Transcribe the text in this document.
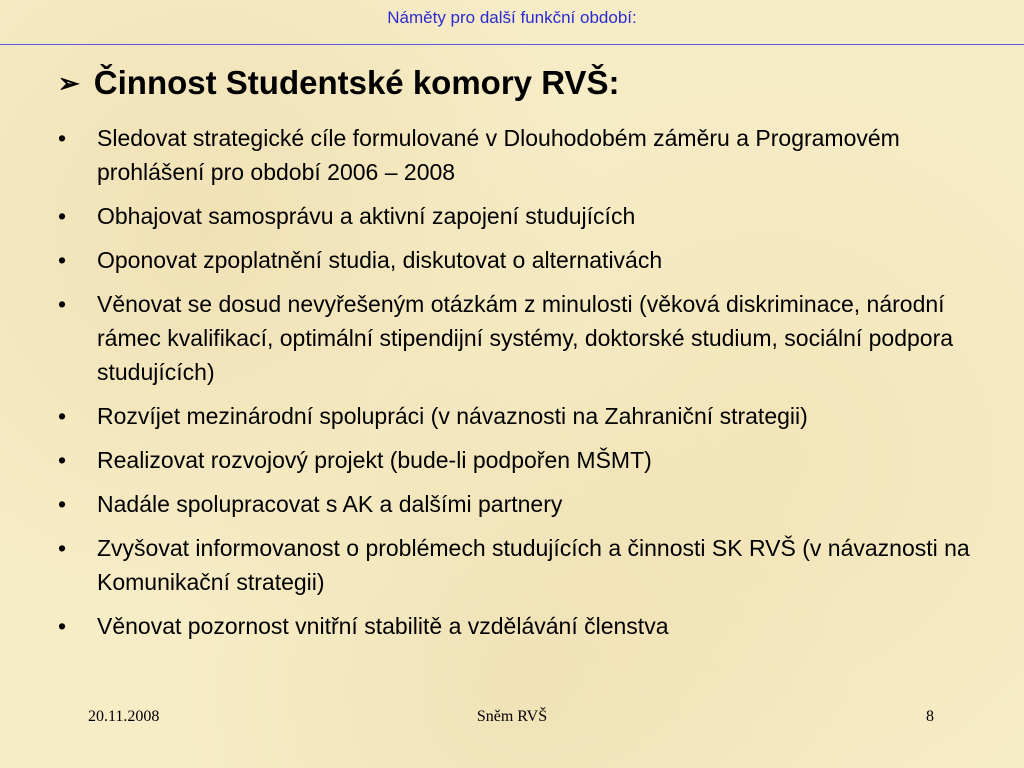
Náměty pro další funkční období:
➢ Činnost Studentské komory RVŠ:
•	Sledovat strategické cíle formulované v Dlouhodobém záměru a Programovém prohlášení pro období 2006 – 2008
•	Obhajovat samosprávu a aktivní zapojení studujících
•	Oponovat zpoplatnění studia, diskutovat o alternativách
•	Věnovat se dosud nevyřešeným otázkám z minulosti (věková diskriminace, národní rámec kvalifikací, optimální stipendijní systémy, doktorské studium, sociální podpora studujících)
•	Rozvíjet mezinárodní spolupráci (v návaznosti na Zahraniční strategii)
•	Realizovat rozvojový projekt (bude-li podpořen MŠMT)
•	Nadále spolupracovat s AK a dalšími partnery
•	Zvyšovat informovanost o problémech studujících a činnosti SK RVŠ (v návaznosti na Komunikační strategii)
•	Věnovat pozornost vnitřní stabilitě a vzdělávání členstva
20.11.2008	Sněm RVŠ	8
